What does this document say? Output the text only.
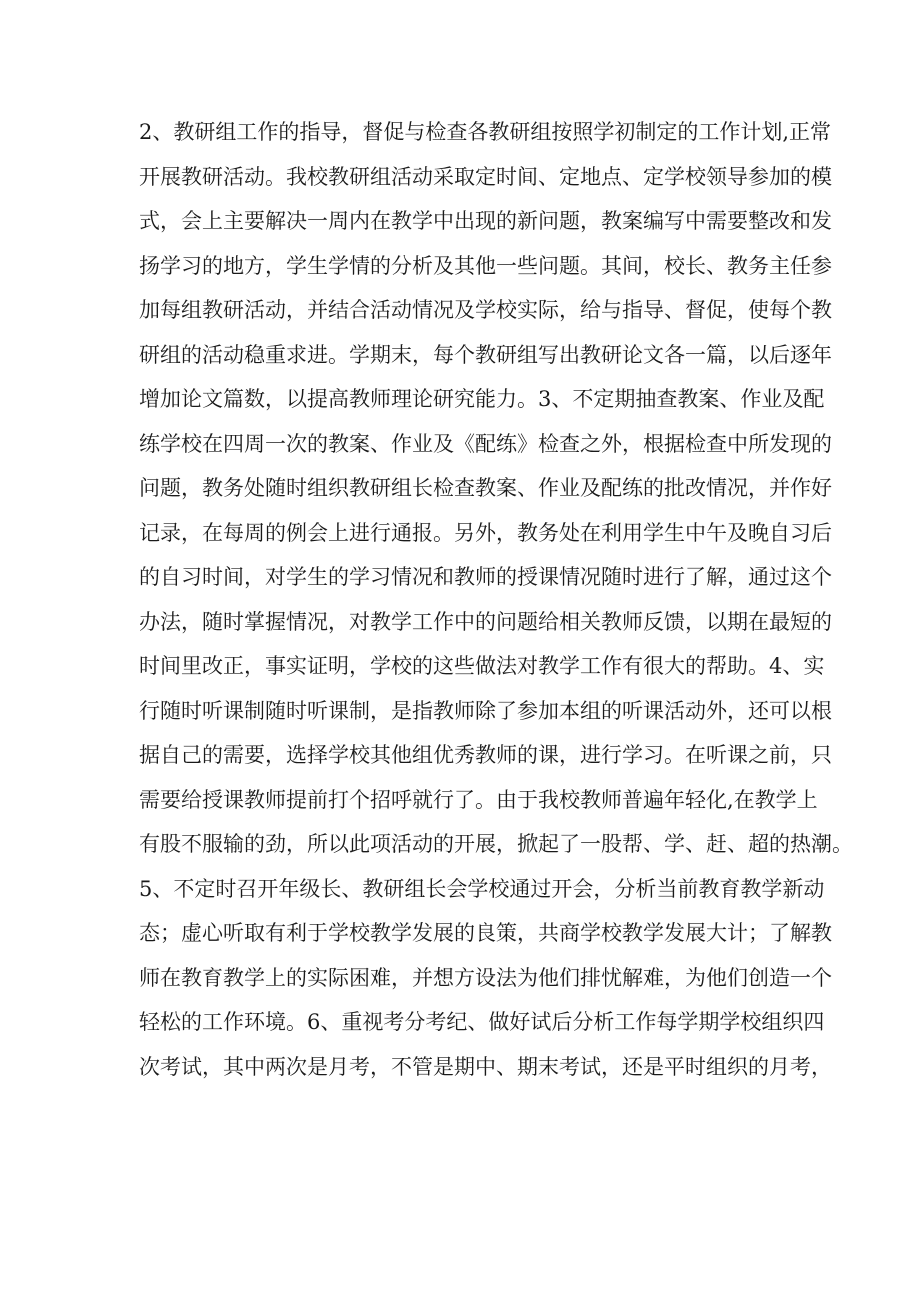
2、教研组工作的指导，督促与检查各教研组按照学初制定的工作计划,正常
开展教研活动。我校教研组活动采取定时间、定地点、定学校领导参加的模
式，会上主要解决一周内在教学中出现的新问题，教案编写中需要整改和发
扬学习的地方，学生学情的分析及其他一些问题。其间，校长、教务主任参
加每组教研活动，并结合活动情况及学校实际，给与指导、督促，使每个教
研组的活动稳重求进。学期末，每个教研组写出教研论文各一篇，以后逐年
增加论文篇数，以提高教师理论研究能力。3、不定期抽查教案、作业及配
练学校在四周一次的教案、作业及《配练》检查之外，根据检查中所发现的
问题，教务处随时组织教研组长检查教案、作业及配练的批改情况，并作好
记录，在每周的例会上进行通报。另外，教务处在利用学生中午及晚自习后
的自习时间，对学生的学习情况和教师的授课情况随时进行了解，通过这个
办法，随时掌握情况，对教学工作中的问题给相关教师反馈，以期在最短的
时间里改正，事实证明，学校的这些做法对教学工作有很大的帮助。4、实
行随时听课制随时听课制，是指教师除了参加本组的听课活动外，还可以根
据自己的需要，选择学校其他组优秀教师的课，进行学习。在听课之前，只
需要给授课教师提前打个招呼就行了。由于我校教师普遍年轻化,在教学上
有股不服输的劲，所以此项活动的开展，掀起了一股帮、学、赶、超的热潮。
5、不定时召开年级长、教研组长会学校通过开会，分析当前教育教学新动
态；虚心听取有利于学校教学发展的良策，共商学校教学发展大计；了解教
师在教育教学上的实际困难，并想方设法为他们排忧解难，为他们创造一个
轻松的工作环境。6、重视考分考纪、做好试后分析工作每学期学校组织四
次考试，其中两次是月考，不管是期中、期末考试，还是平时组织的月考，
